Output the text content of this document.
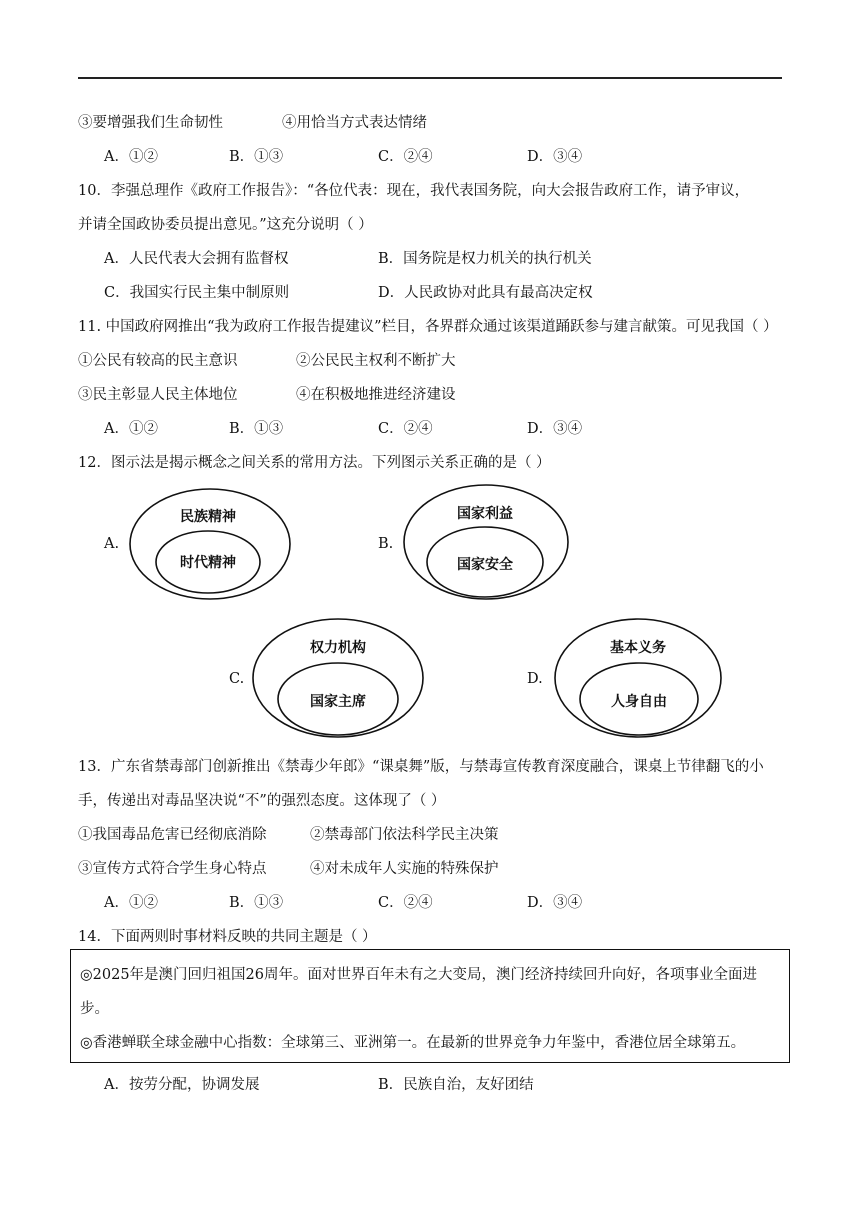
③要增强我们生命韧性	④用恰当方式表达情绪
A．①②	B．①③	C．②④	D．③④
10．李强总理作《政府工作报告》：“各位代表：现在，我代表国务院，向大会报告政府工作，请予审议，
并请全国政协委员提出意见。”这充分说明（ ）
A．人民代表大会拥有监督权	B．国务院是权力机关的执行机关
C．我国实行民主集中制原则	D．人民政协对此具有最高决定权
11. 中国政府网推出“我为政府工作报告提建议”栏目，各界群众通过该渠道踊跃参与建言献策。可见我国（ ）
①公民有较高的民主意识	②公民民主权利不断扩大
③民主彰显人民主体地位	④在积极地推进经济建设
A．①②	B．①③	C．②④	D．③④
12．图示法是揭示概念之间关系的常用方法。下列图示关系正确的是（ ）
A.
民族精神
时代精神
B.
国家利益
国家安全
C.
权力机构
国家主席
D.
基本义务
人身自由
13．广东省禁毒部门创新推出《禁毒少年郎》“课桌舞”版，与禁毒宣传教育深度融合，课桌上节律翻飞的小
手，传递出对毒品坚决说“不”的强烈态度。这体现了（ ）
①我国毒品危害已经彻底消除	②禁毒部门依法科学民主决策
③宣传方式符合学生身心特点	④对未成年人实施的特殊保护
A．①②	B．①③	C．②④	D．③④
14．下面两则时事材料反映的共同主题是（ ）
◎2025年是澳门回归祖国26周年。面对世界百年未有之大变局，澳门经济持续回升向好，各项事业全面进
步。
◎香港蝉联全球金融中心指数：全球第三、亚洲第一。在最新的世界竞争力年鉴中，香港位居全球第五。
A．按劳分配，协调发展	B．民族自治，友好团结
